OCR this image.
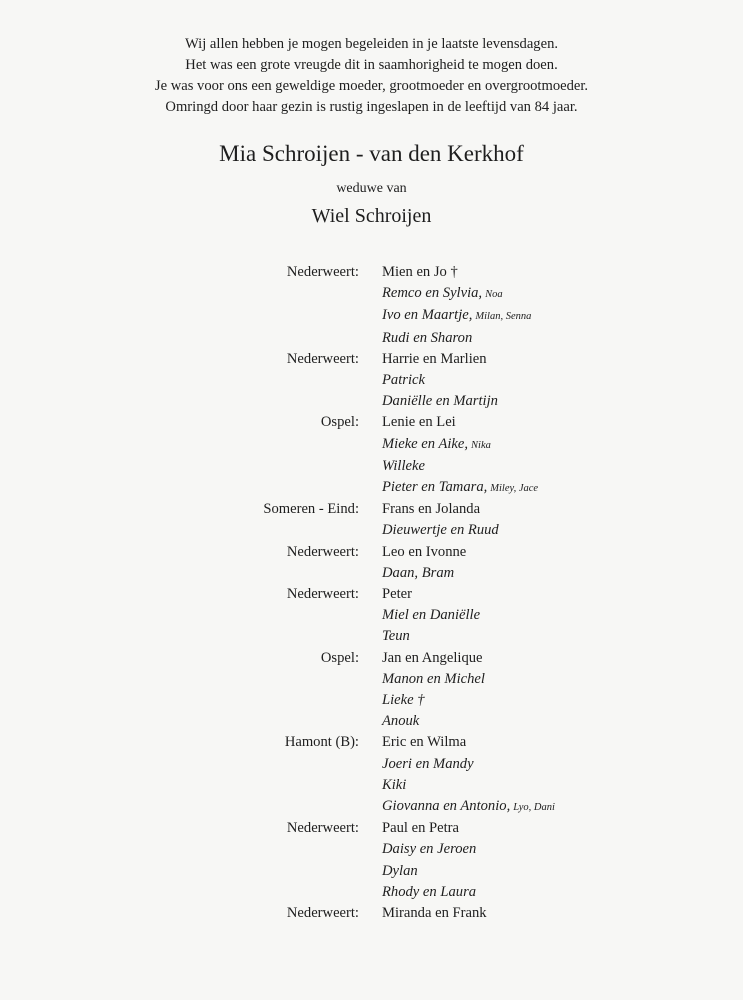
Wij allen hebben je mogen begeleiden in je laatste levensdagen.
Het was een grote vreugde dit in saamhorigheid te mogen doen.
Je was voor ons een geweldige moeder, grootmoeder en overgrootmoeder.
Omringd door haar gezin is rustig ingeslapen in de leeftijd van 84 jaar.
Mia Schroijen - van den Kerkhof
weduwe van
Wiel Schroijen
Nederweert: Mien en Jo †
Remco en Sylvia, Noa
Ivo en Maartje, Milan, Senna
Rudi en Sharon
Nederweert: Harrie en Marlien
Patrick
Daniëlle en Martijn
Ospel: Lenie en Lei
Mieke en Aike, Nika
Willeke
Pieter en Tamara, Miley, Jace
Someren - Eind: Frans en Jolanda
Dieuwertje en Ruud
Nederweert: Leo en Ivonne
Daan, Bram
Nederweert: Peter
Miel en Daniëlle
Teun
Ospel: Jan en Angelique
Manon en Michel
Lieke †
Anouk
Hamont (B): Eric en Wilma
Joeri en Mandy
Kiki
Giovanna en Antonio, Lyo, Dani
Nederweert: Paul en Petra
Daisy en Jeroen
Dylan
Rhody en Laura
Nederweert: Miranda en Frank
